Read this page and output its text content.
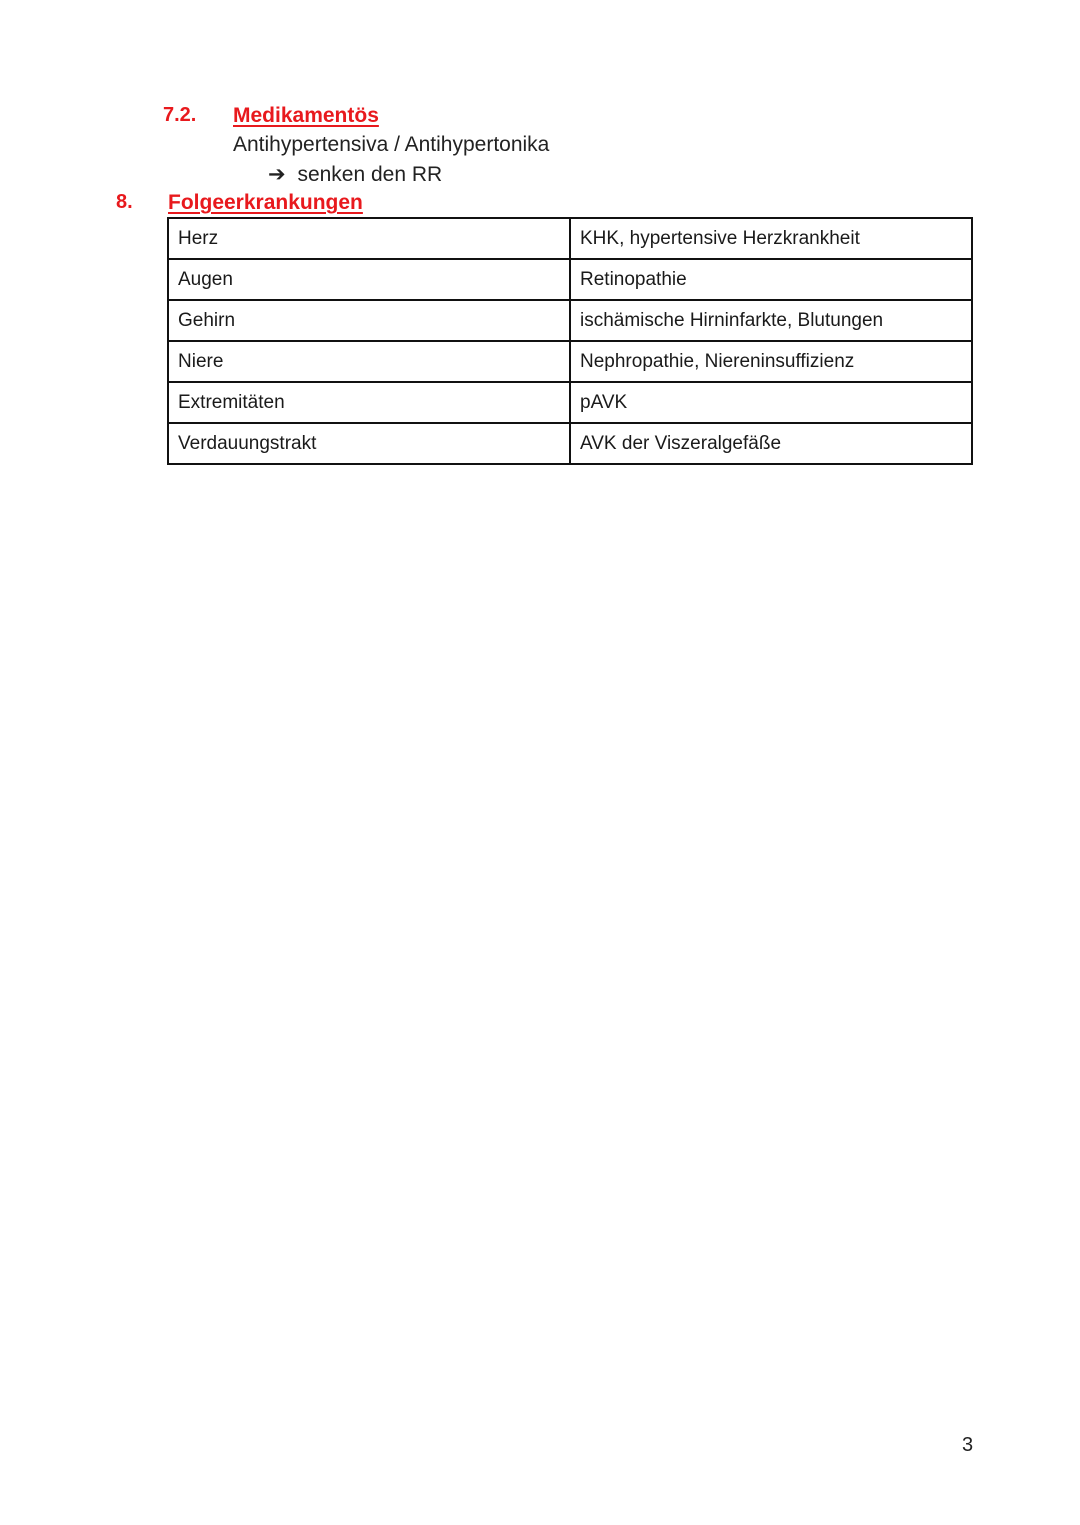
7.2. Medikamentös
Antihypertensiva / Antihypertonika
➔ senken den RR
8. Folgeerkrankungen
Herz	KHK, hypertensive Herzkrankheit
Augen	Retinopathie
Gehirn	ischämische Hirninfarkte, Blutungen
Niere	Nephropathie, Niereninsuffizienz
Extremitäten	pAVK
Verdauungstrakt	AVK der Viszeralgefäße
3
